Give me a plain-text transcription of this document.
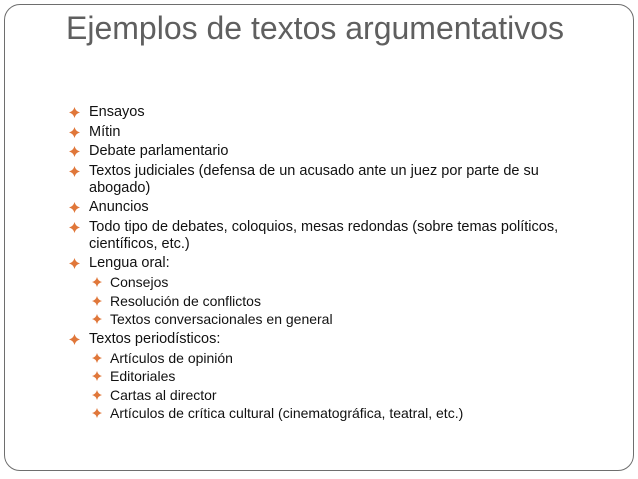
Ejemplos de textos argumentativos
Ensayos
Mítin
Debate parlamentario
Textos judiciales (defensa de un acusado ante un juez por parte de su abogado)
Anuncios
Todo tipo de debates, coloquios, mesas redondas (sobre temas políticos, científicos, etc.)
Lengua oral:
Consejos
Resolución de conflictos
Textos conversacionales en general
Textos periodísticos:
Artículos de opinión
Editoriales
Cartas al director
Artículos de crítica cultural (cinematográfica, teatral, etc.)
